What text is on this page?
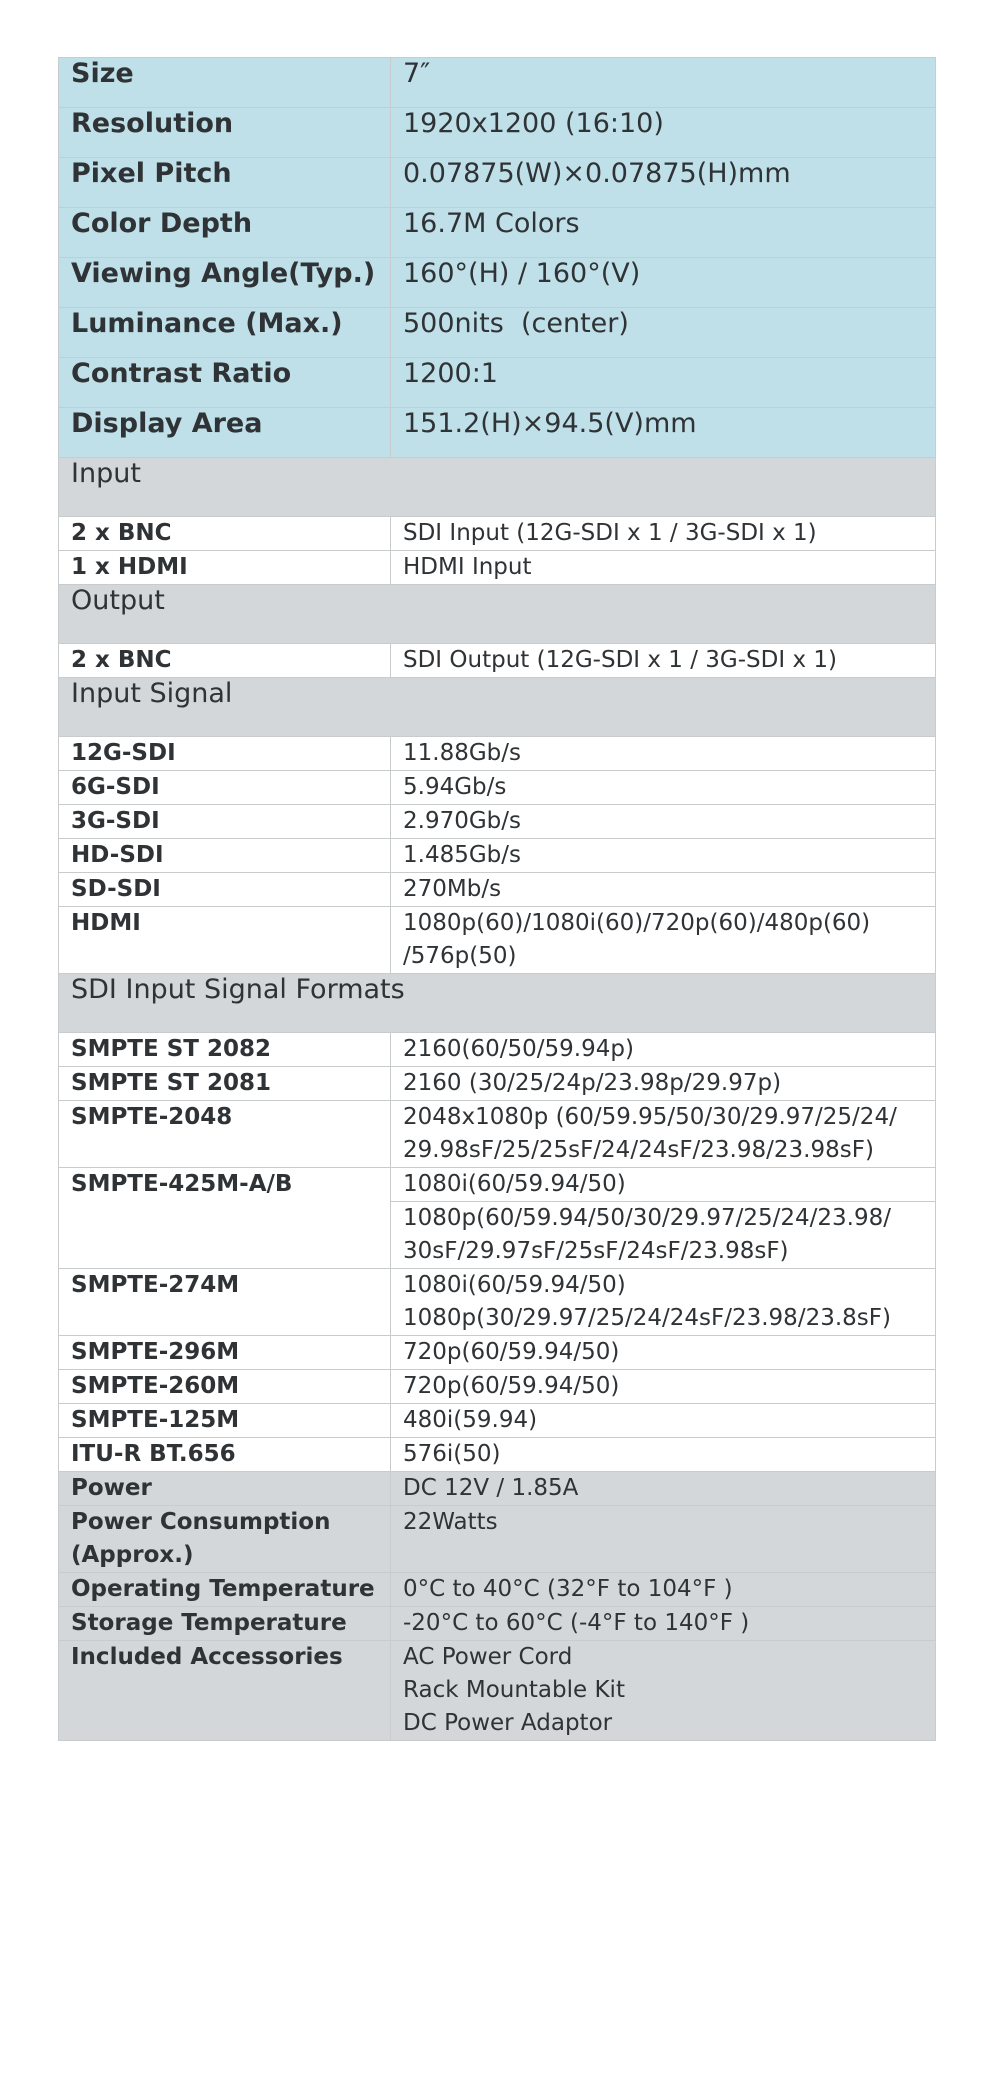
Size	7″
Resolution	1920x1200 (16:10)
Pixel Pitch	0.07875(W)×0.07875(H)mm
Color Depth	16.7M Colors
Viewing Angle(Typ.)	160°(H) / 160°(V)
Luminance (Max.)	500nits  (center)
Contrast Ratio	1200:1
Display Area	151.2(H)×94.5(V)mm
Input	
2 x BNC	SDI Input (12G-SDI x 1 / 3G-SDI x 1)
1 x HDMI	HDMI Input
Output	
2 x BNC	SDI Output (12G-SDI x 1 / 3G-SDI x 1)
Input Signal	
12G-SDI	11.88Gb/s
6G-SDI	5.94Gb/s
3G-SDI	2.970Gb/s
HD-SDI	1.485Gb/s
SD-SDI	270Mb/s
HDMI	1080p(60)/1080i(60)/720p(60)/480p(60)
/576p(50)

SDI Input Signal Formats	
SMPTE ST 2082	2160(60/50/59.94p)
SMPTE ST 2081	2160 (30/25/24p/23.98p/29.97p)
SMPTE-2048	2048x1080p (60/59.95/50/30/29.97/25/24/
29.98sF/25/25sF/24/24sF/23.98/23.98sF)

SMPTE-425M-A/B	1080i(60/59.94/50)

	1080p(60/59.94/50/30/29.97/25/24/23.98/
30sF/29.97sF/25sF/24sF/23.98sF)

SMPTE-274M	1080i(60/59.94/50)
1080p(30/29.97/25/24/24sF/23.98/23.8sF)

SMPTE-296M	720p(60/59.94/50)
SMPTE-260M	720p(60/59.94/50)
SMPTE-125M	480i(59.94)
ITU-R BT.656	576i(50)
Power	DC 12V / 1.85A

Power Consumption
(Approx.)	22Watts
Operating Temperature	0°C to 40°C (32°F to 104°F )
Storage Temperature	-20°C to 60°C (-4°F to 140°F )
Included Accessories	AC Power Cord
Rack Mountable Kit
DC Power Adaptor
